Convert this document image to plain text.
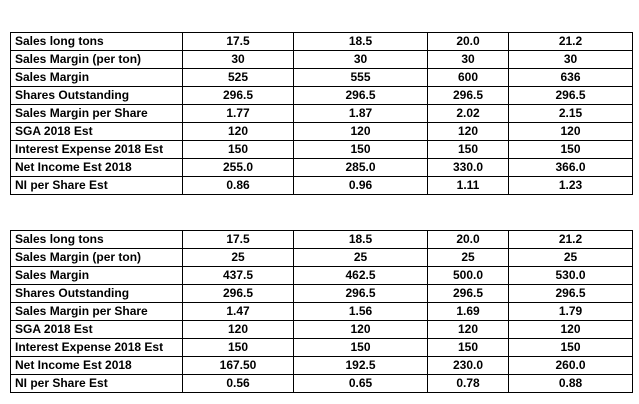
Sales long tons	17.5	18.5	20.0	21.2
Sales Margin (per ton)	30	30	30	30
Sales Margin	525	555	600	636
Shares Outstanding	296.5	296.5	296.5	296.5
Sales Margin per Share	1.77	1.87	2.02	2.15
SGA 2018 Est	120	120	120	120
Interest Expense 2018 Est	150	150	150	150
Net Income Est 2018	255.0	285.0	330.0	366.0
NI per Share Est	0.86	0.96	1.11	1.23
Sales long tons	17.5	18.5	20.0	21.2
Sales Margin (per ton)	25	25	25	25
Sales Margin	437.5	462.5	500.0	530.0
Shares Outstanding	296.5	296.5	296.5	296.5
Sales Margin per Share	1.47	1.56	1.69	1.79
SGA 2018 Est	120	120	120	120
Interest Expense 2018 Est	150	150	150	150
Net Income Est 2018	167.50	192.5	230.0	260.0
NI per Share Est	0.56	0.65	0.78	0.88
